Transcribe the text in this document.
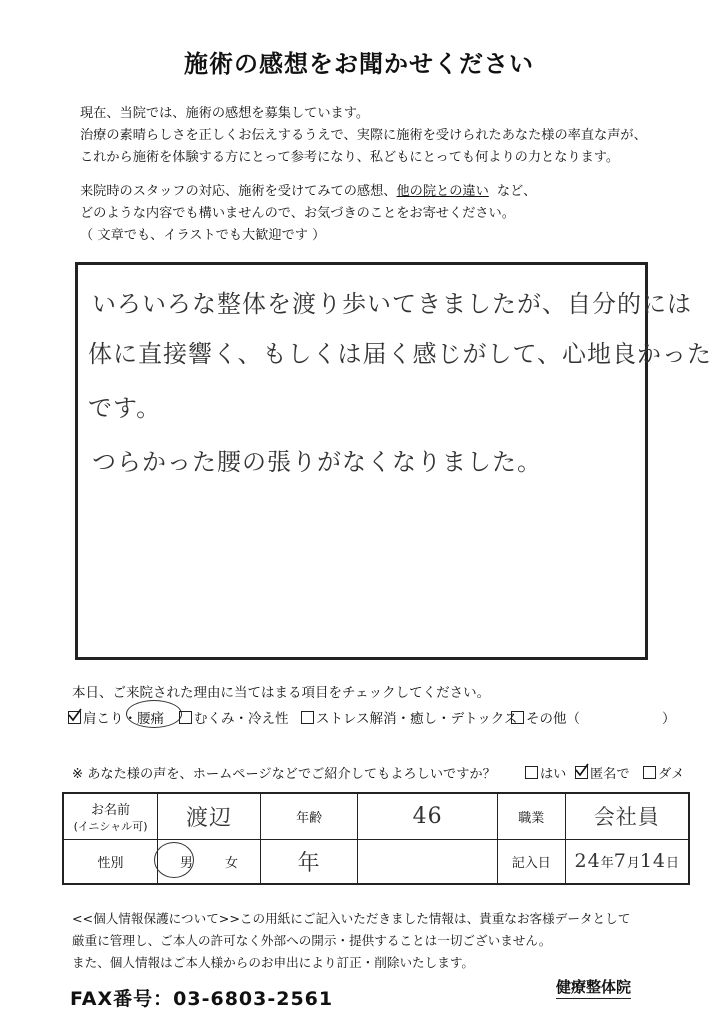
施術の感想をお聞かせください
現在、当院では、施術の感想を募集しています。
治療の素晴らしさを正しくお伝えするうえで、実際に施術を受けられたあなた様の率直な声が、
これから施術を体験する方にとって参考になり、私どもにとっても何よりの力となります。
来院時のスタッフの対応、施術を受けてみての感想、他の院との違い など、
どのような内容でも構いませんので、お気づきのことをお寄せください。
（ 文章でも、イラストでも大歓迎です ）
いろいろな整体を渡り歩いてきましたが、自分的には
体に直接響く、もしくは届く感じがして、心地良かった
です。
つらかった腰の張りがなくなりました。
本日、ご来院された理由に当てはまる項目をチェックしてください。
肩こり・腰痛	むくみ・冷え性	ストレス解消・癒し・デトックス その他（	）
※ あなた様の声を、ホームページなどでご紹介してもよろしいですか？	はい	匿名で	ダメ
お名前
(イニシャル可)	渡辺	年齢	46	職業	会社員
性別	男 女	年		記入日	24年7月14日
<<個人情報保護について>>この用紙にご記入いただきました情報は、貴重なお客様データとして
厳重に管理し、ご本人の許可なく外部への開示・提供することは一切ございません。
また、個人情報はご本人様からのお申出により訂正・削除いたします。
FAX番号：03-6803-2561
健療整体院
